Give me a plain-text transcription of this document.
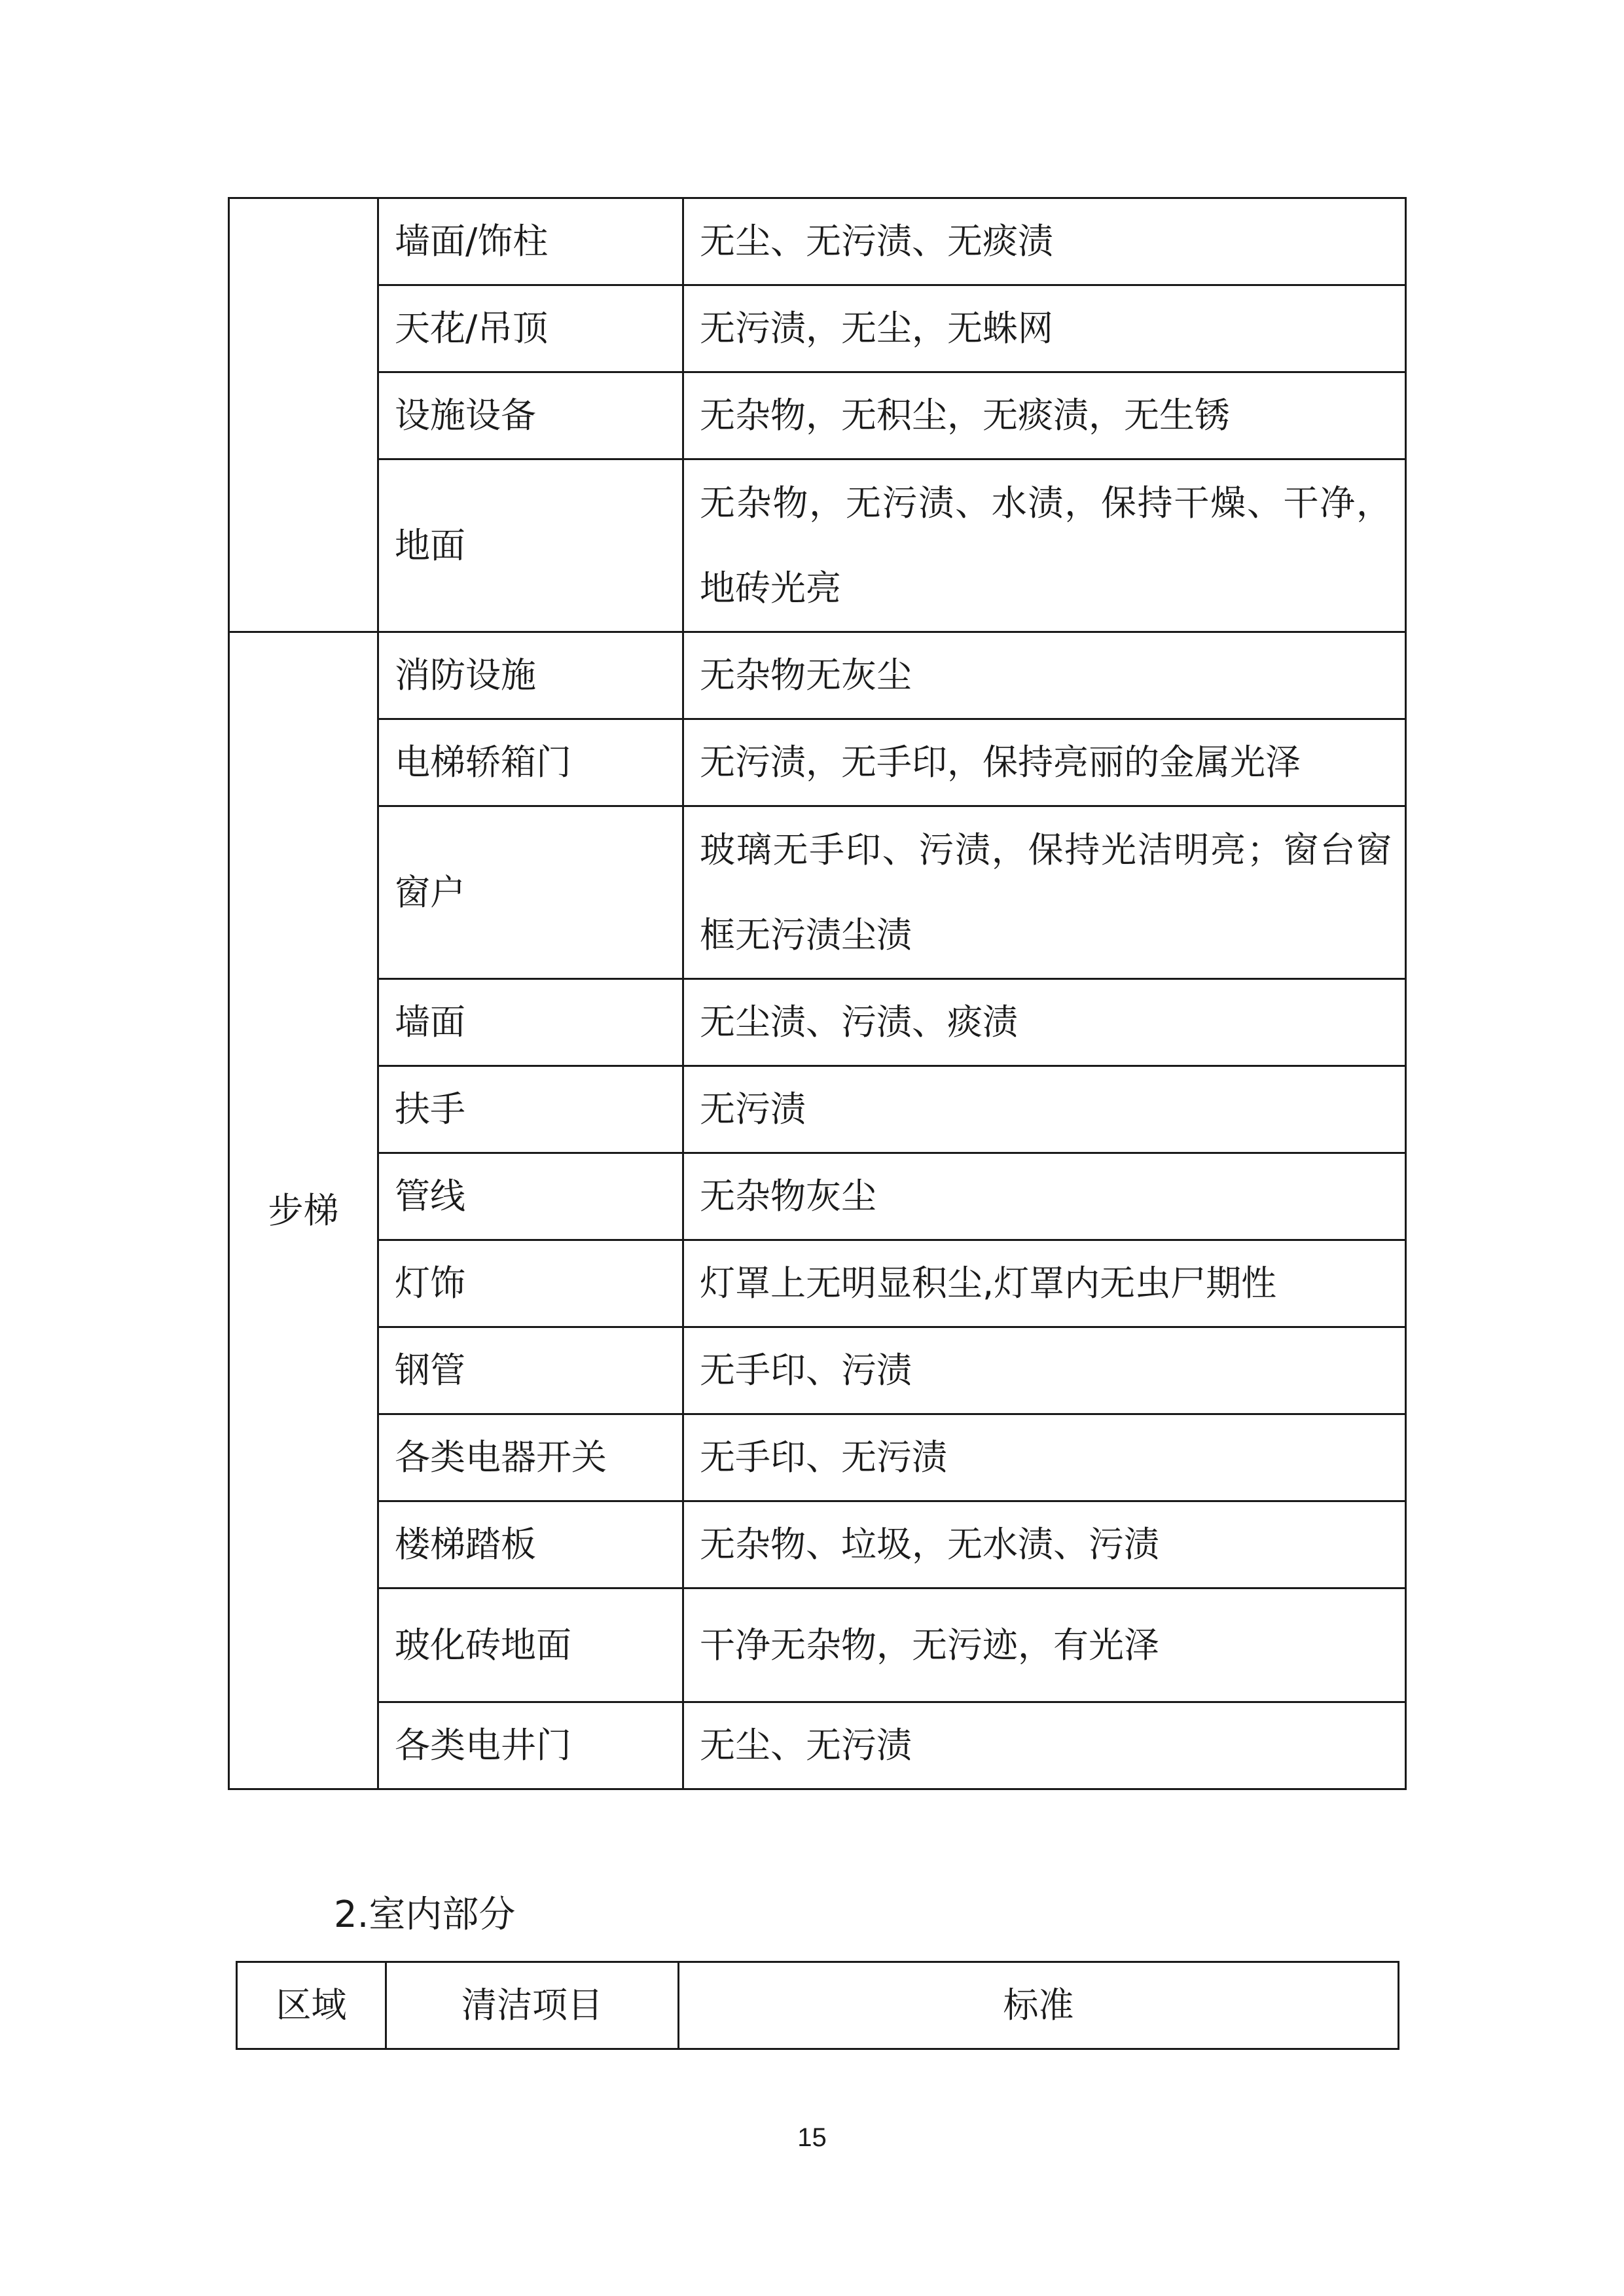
	墙面/饰柱	无尘、无污渍、无痰渍
	天花/吊顶	无污渍，无尘，无蛛网
	设施设备	无杂物，无积尘，无痰渍，无生锈
	地面	无杂物，无污渍、水渍，保持干燥、干净，地砖光亮
步梯	消防设施	无杂物无灰尘
	电梯轿箱门	无污渍，无手印，保持亮丽的金属光泽
	窗户	玻璃无手印、污渍，保持光洁明亮；窗台窗框无污渍尘渍
	墙面	无尘渍、污渍、痰渍
	扶手	无污渍
	管线	无杂物灰尘
	灯饰	灯罩上无明显积尘,灯罩内无虫尸期性
	钢管	无手印、污渍
	各类电器开关	无手印、无污渍
	楼梯踏板	无杂物、垃圾，无水渍、污渍
	玻化砖地面	干净无杂物，无污迹，有光泽
	各类电井门	无尘、无污渍
2.室内部分
区域	清洁项目	标准
15
